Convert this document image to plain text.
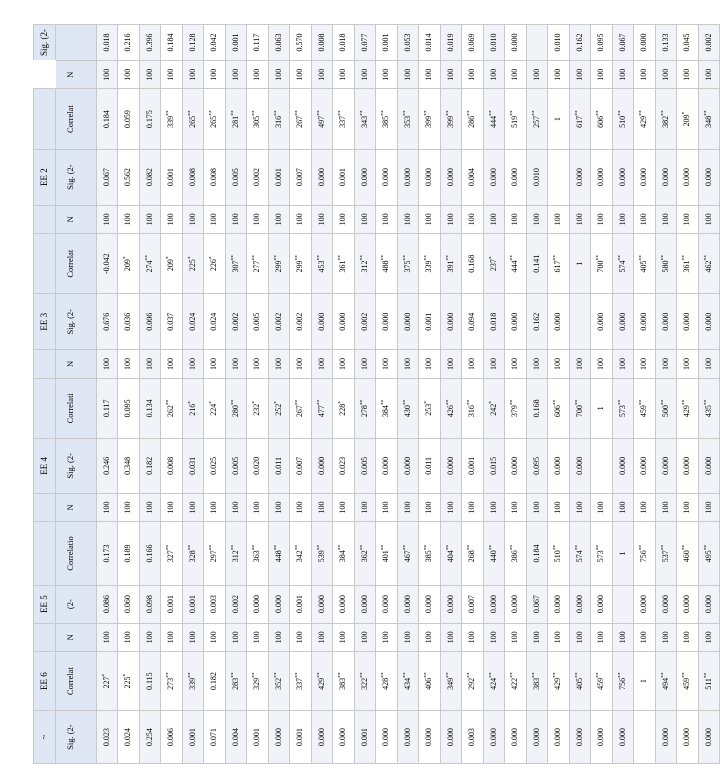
~	EE 6		EE 5			EE 4			EE 3			EE 2			Sig. (2-
Sig. (2-	Correlat	N	(2-	Correlatio	N	Sig. (2-	Correlati	N	Sig. (2-	Correlat	N	Sig. (2-	Correlat	N	
0.023	227*	100	0.086	0.173	100	0.246	0.117	100	0.676	-0.042	100	0.067	0.184	100	0.018
0.024	225*	100	0.060	0.189	100	0.348	0.095	100	0.036	209*	100	0.562	0.059	100	0.216
0.254	0.115	100	0.098	0.166	100	0.182	0.134	100	0.006	274**	100	0.082	0.175	100	0.396
0.006	273**	100	0.001	327**	100	0.008	262**	100	0.037	209*	100	0.001	339**	100	0.184
0.001	339**	100	0.001	328**	100	0.031	216*	100	0.024	225*	100	0.008	265**	100	0.128
0.071	0.182	100	0.003	297**	100	0.025	224*	100	0.024	226*	100	0.008	265**	100	0.042
0.004	283**	100	0.002	312**	100	0.005	280**	100	0.002	307**	100	0.005	281**	100	0.001
0.001	329**	100	0.000	363**	100	0.020	232*	100	0.005	277**	100	0.002	305**	100	0.117
0.000	352**	100	0.000	448**	100	0.011	252*	100	0.002	299**	100	0.001	316**	100	0.063
0.001	337**	100	0.001	342**	100	0.007	267**	100	0.002	299**	100	0.007	267**	100	0.570
0.000	429**	100	0.000	539**	100	0.000	477**	100	0.000	453**	100	0.000	497**	100	0.008
0.000	383**	100	0.000	384**	100	0.023	228*	100	0.000	361**	100	0.001	337**	100	0.018
0.001	322**	100	0.000	362**	100	0.005	278**	100	0.002	312**	100	0.000	343**	100	0.077
0.000	428**	100	0.000	401**	100	0.000	384**	100	0.000	488**	100	0.000	385**	100	0.001
0.000	434**	100	0.000	467**	100	0.000	430**	100	0.000	375**	100	0.000	353**	100	0.053
0.000	406**	100	0.000	385**	100	0.011	253*	100	0.001	339**	100	0.000	399**	100	0.014
0.000	349**	100	0.000	404**	100	0.000	426**	100	0.000	391**	100	0.000	399**	100	0.019
0.003	292**	100	0.007	268**	100	0.001	316**	100	0.094	0.168	100	0.004	286**	100	0.069
0.000	424**	100	0.000	440**	100	0.015	242*	100	0.018	237*	100	0.000	444**	100	0.010
0.000	422**	100	0.000	386**	100	0.000	379**	100	0.000	444**	100	0.000	519**	100	0.000
0.000	383**	100	0.067	0.184	100	0.095	0.168	100	0.162	0.141	100	0.010	257**	100	
0.000	429**	100	0.000	510**	100	0.000	606**	100	0.000	617**	100		1	100	0.010
0.000	405**	100	0.000	574**	100	0.000	700**	100		1	100	0.000	617**	100	0.162
0.000	459**	100	0.000	573**	100		1	100	0.000	700**	100	0.000	606**	100	0.095
0.000	756**	100		1	100	0.000	573**	100	0.000	574**	100	0.000	510**	100	0.067
	1	100	0.000	756**	100	0.000	459**	100	0.000	405**	100	0.000	429**	100	0.000
0.000	494**	100	0.000	537**	100	0.000	500**	100	0.000	580**	100	0.000	382**	100	0.133
0.000	459**	100	0.000	460**	100	0.000	429**	100	0.000	361**	100	0.000	209*	100	0.045
0.000	511**	100	0.000	495**	100	0.000	435**	100	0.000	462**	100	0.000	348**	100	0.002
